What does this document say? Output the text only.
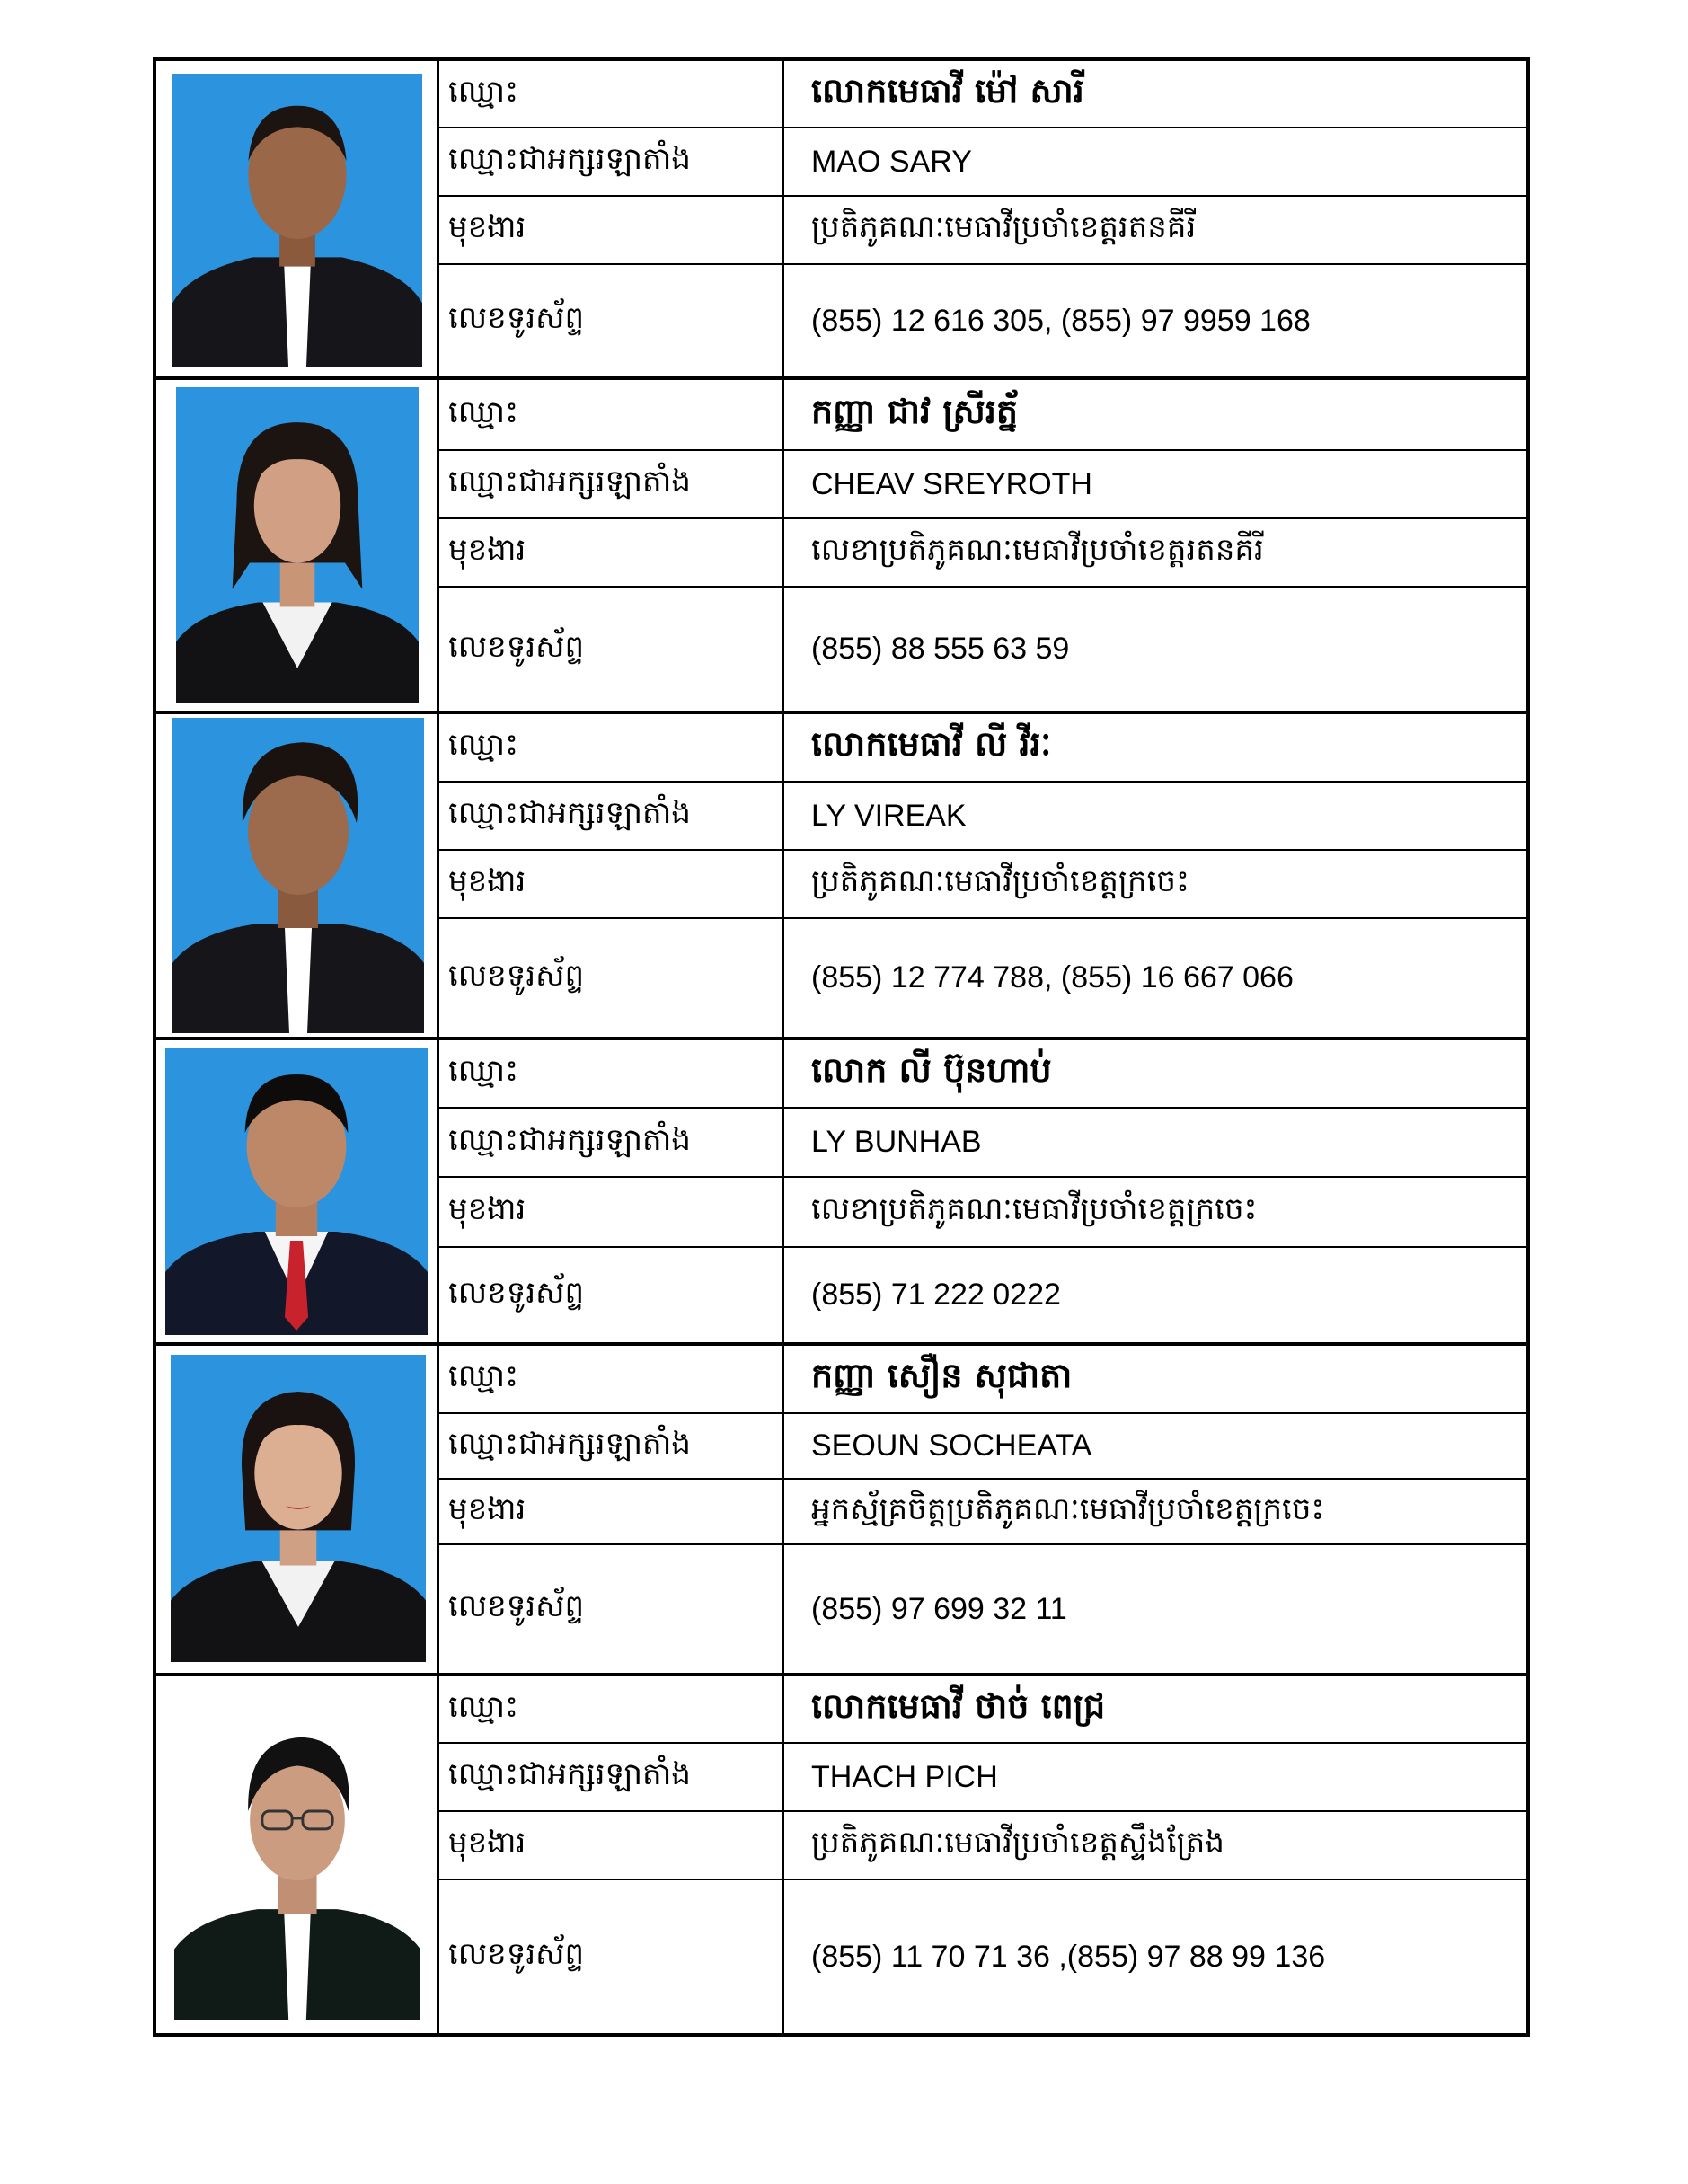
ឈ្មោះ	លោកមេធាវី ម៉ៅ សារី
ឈ្មោះជាអក្សរឡាតាំង	MAO SARY
មុខងារ	ប្រតិភូគណៈមេធាវីប្រចាំខេត្តរតនគីរី
លេខទូរស័ព្ទ	(855) 12 616 305, (855) 97 9959 168
ឈ្មោះ	កញ្ញា ជាវ ស្រីរត្ន័
ឈ្មោះជាអក្សរឡាតាំង	CHEAV SREYROTH
មុខងារ	លេខាប្រតិភូគណៈមេធាវីប្រចាំខេត្តរតនគីរី
លេខទូរស័ព្ទ	(855) 88 555 63 59
ឈ្មោះ	លោកមេធាវី លី វីរៈ
ឈ្មោះជាអក្សរឡាតាំង	LY VIREAK
មុខងារ	ប្រតិភូគណៈមេធាវីប្រចាំខេត្តក្រចេះ
លេខទូរស័ព្ទ	(855) 12 774 788, (855) 16 667 066
ឈ្មោះ	លោក លី ប៊ុនហាប់
ឈ្មោះជាអក្សរឡាតាំង	LY BUNHAB
មុខងារ	លេខាប្រតិភូគណៈមេធាវីប្រចាំខេត្តក្រចេះ
លេខទូរស័ព្ទ	(855) 71 222 0222
ឈ្មោះ	កញ្ញា សឿន សុជាតា
ឈ្មោះជាអក្សរឡាតាំង	SEOUN SOCHEATA
មុខងារ	អ្នកស្ម័គ្រចិត្តប្រតិភូគណៈមេធាវីប្រចាំខេត្តក្រចេះ
លេខទូរស័ព្ទ	(855) 97 699 32 11
ឈ្មោះ	លោកមេធាវី ថាច់ ពេជ្រ
ឈ្មោះជាអក្សរឡាតាំង	THACH PICH
មុខងារ	ប្រតិភូគណៈមេធាវីប្រចាំខេត្តស្ទឹងត្រែង
លេខទូរស័ព្ទ	(855) 11 70 71 36 ,(855) 97 88 99 136
